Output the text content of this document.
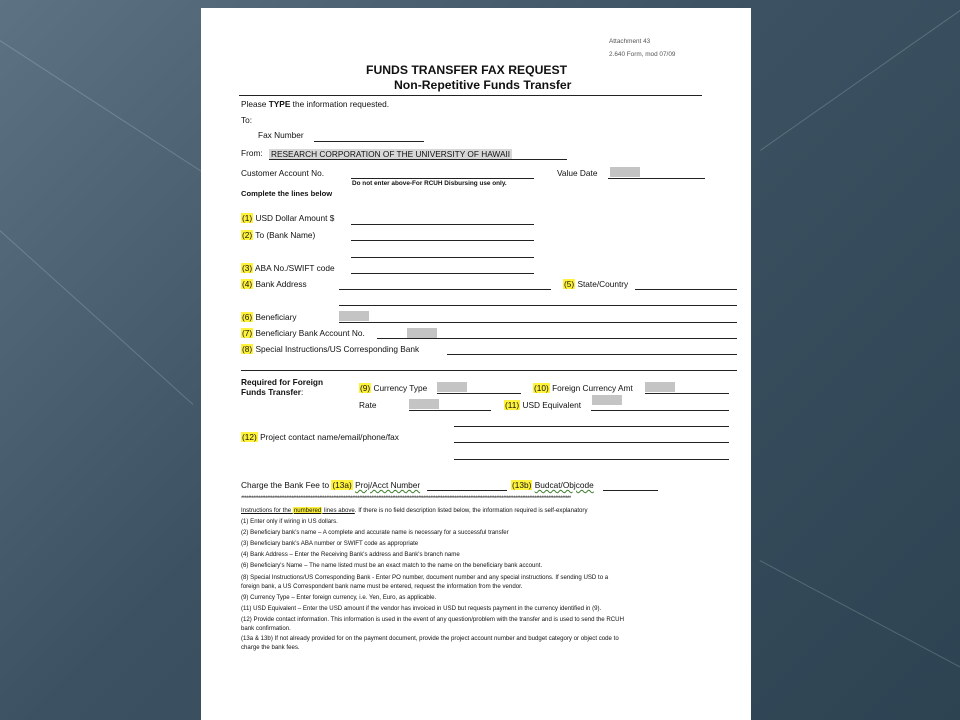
Attachment 43
2.640 Form, mod 07/09
FUNDS TRANSFER FAX REQUEST
Non-Repetitive Funds Transfer
Please TYPE the information requested.
To:
Fax Number
From: RESEARCH CORPORATION OF THE UNIVERSITY OF HAWAII
Customer Account No.	Value Date
Do not enter above-For RCUH Disbursing use only.
Complete the lines below
(1) USD Dollar Amount $
(2) To (Bank Name)
(3) ABA No./SWIFT code
(4) Bank Address	(5) State/Country
(6) Beneficiary
(7) Beneficiary Bank Account No.
(8) Special Instructions/US Corresponding Bank
Required for Foreign
Funds Transfer:	(9) Currency Type	(10) Foreign Currency Amt
Rate	(11) USD Equivalent
(12) Project contact name/email/phone/fax
Charge the Bank Fee to (13a) Proj/Acct Number	(13b) Budcat/Objcode
**********************************************************************************************************************************************************************************************
Instructions for the numbered lines above. If there is no field description listed below, the information required is self-explanatory
(1) Enter only if wiring in US dollars.
(2) Beneficiary bank's name – A complete and accurate name is necessary for a successful transfer
(3) Beneficiary bank's ABA number or SWIFT code as appropriate
(4) Bank Address – Enter the Receiving Bank's address and Bank's branch name
(6) Beneficiary's Name – The name listed must be an exact match to the name on the beneficiary bank account.
(8) Special Instructions/US Corresponding Bank - Enter PO number, document number and any special instructions. If sending USD to a
foreign bank, a US Correspondent bank name must be entered, request the information from the vendor.
(9) Currency Type – Enter foreign currency, i.e. Yen, Euro, as applicable.
(11) USD Equivalent – Enter the USD amount if the vendor has invoiced in USD but requests payment in the currency identified in (9).
(12) Provide contact information. This information is used in the event of any question/problem with the transfer and is used to send the RCUH
bank confirmation.
(13a & 13b) If not already provided for on the payment document, provide the project account number and budget category or object code to
charge the bank fees.
